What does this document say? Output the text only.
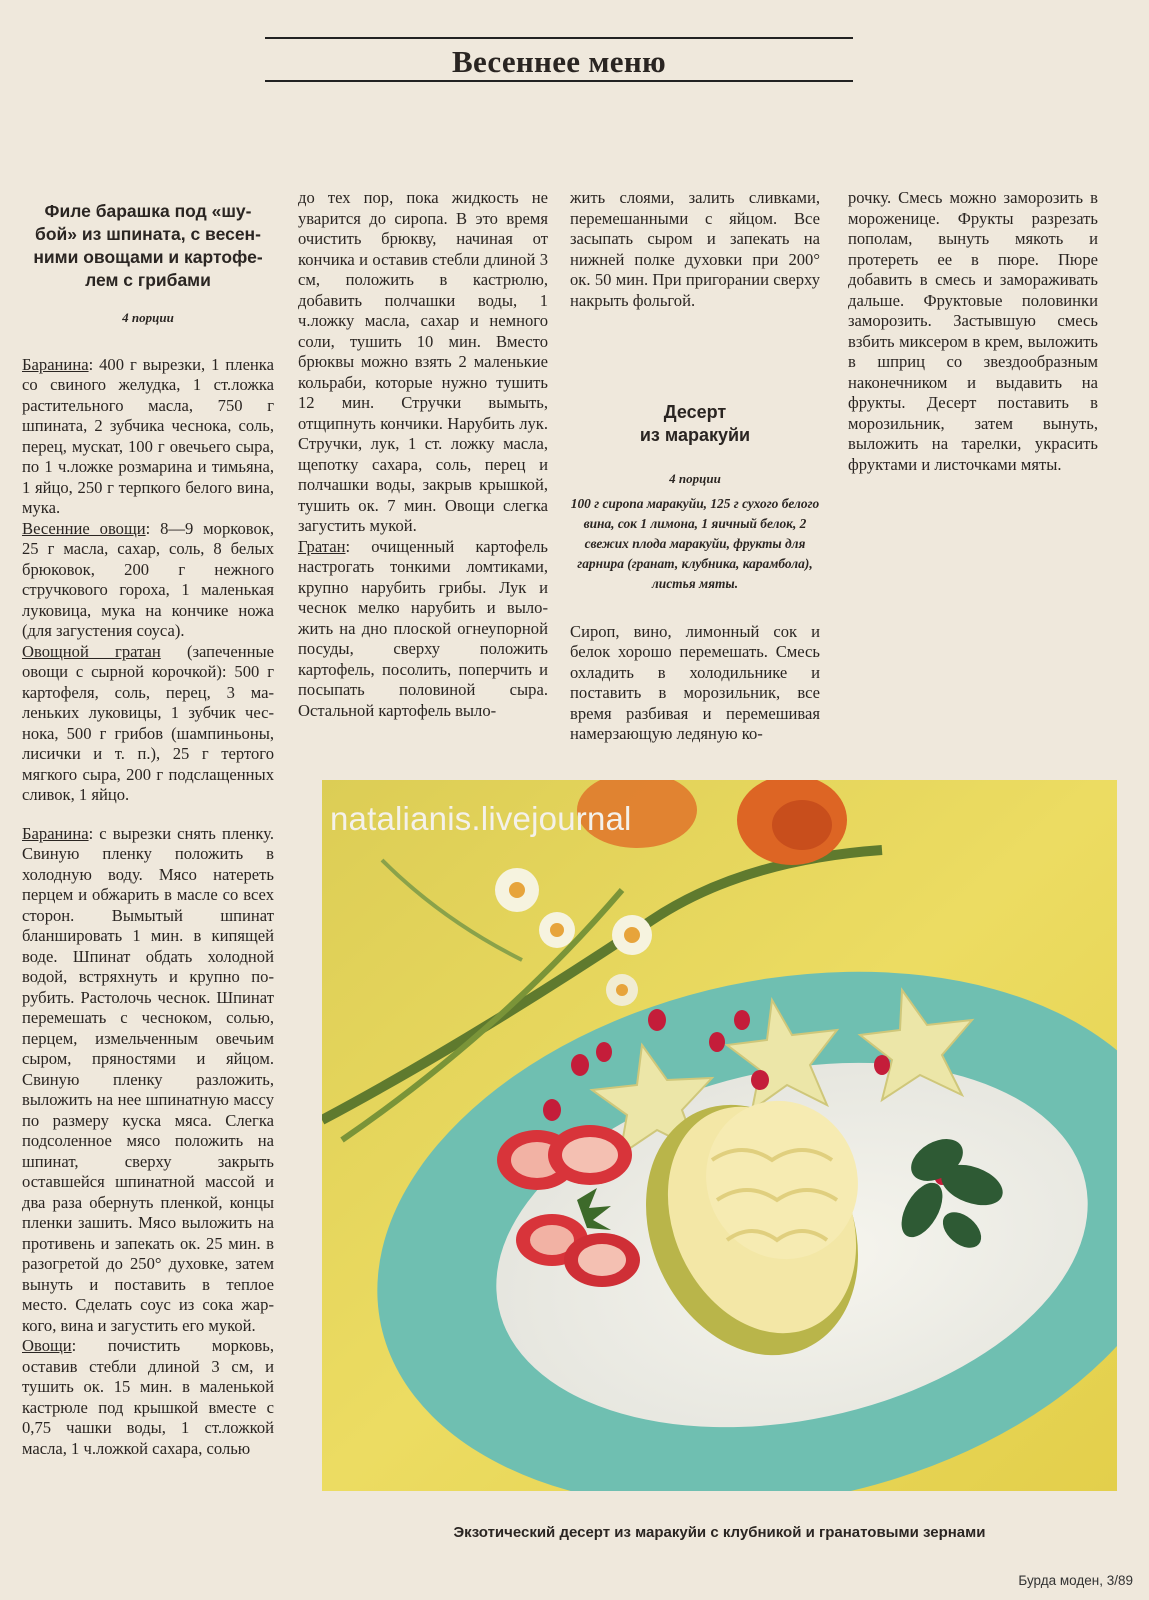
Весеннее меню
Филе барашка под «шу-
бой» из шпината, с весен-
ними овощами и картофе-
лем с грибами
4 порции

Баранина: 400 г вырезки, 1 пленка со свиного желудка, 1 ст.ложка растительного масла, 750 г шпината, 2 зубчика чеснока, соль, перец, мускат, 100 г овечьего сыра, по 1 ч.ложке розмарина и тимьяна, 1 яйцо, 250 г терпкого белого вина, мука.

Весенние овощи: 8—9 морковок, 25 г масла, сахар, соль, 8 белых брюковок, 200 г нежного стручкового гороха, 1 маленькая луковица, мука на кончике ножа (для загустения соуса).

Овощной гратан (запеченные овощи с сырной корочкой): 500 г картофеля, соль, перец, 3 маленьких луковицы, 1 зубчик чеснока, 500 г грибов (шампиньоны, лисички и т. п.), 25 г тертого мягкого сыра, 200 г подслащенных сливок, 1 яйцо.

Баранина: с вырезки снять пленку. Свиную пленку положить в холодную воду. Мясо натереть перцем и обжарить в масле со всех сторон. Вымытый шпинат бланшировать 1 мин. в кипящей воде. Шпинат обдать холодной водой, встряхнуть и крупно порубить. Растолочь чеснок. Шпинат перемешать с чесноком, солью, перцем, измельченным овечьим сыром, пряностями и яйцом. Свиную пленку разложить, выложить на нее шпинатную массу по размеру куска мяса. Слегка подсоленное мясо положить на шпинат, сверху закрыть оставшейся шпинатной массой и два раза обернуть пленкой, концы пленки зашить. Мясо выложить на противень и запекать ок. 25 мин. в разогретой до 250° духовке, затем вынуть и поставить в теплое место. Сделать соус из сока жаркого, вина и загустить его мукой.

Овощи: почистить морковь, оставив стебли длиной 3 см, и тушить ок. 15 мин. в маленькой кастрюле под крышкой вместе с 0,75 чашки воды, 1 ст.ложкой масла, 1 ч.ложкой сахара, солью

до тех пор, пока жидкость не уварится до сиропа. В это время очистить брюкву, начиная от кончика и оставив стебли длиной 3 см, положить в кастрюлю, добавить полчашки воды, 1 ч.ложку масла, сахар и немного соли, тушить 10 мин. Вместо брюквы можно взять 2 маленькие кольраби, которые нужно тушить 12 мин. Стручки вымыть, отщипнуть кончики. Нарубить лук. Стручки, лук, 1 ст. ложку масла, щепотку сахара, соль, перец и полчашки воды, закрыв крышкой, тушить ок. 7 мин. Овощи слегка загустить мукой.

Гратан: очищенный картофель настрогать тонкими ломтиками, крупно нарубить грибы. Лук и чеснок мелко нарубить и выложить на дно плоской огнеупорной посуды, сверху положить картофель, посолить, поперчить и посыпать половиной сыра. Остальной картофель выло-

жить слоями, залить сливками, перемешанными с яйцом. Все засыпать сыром и запекать на нижней полке духовки при 200° ок. 50 мин. При пригорании сверху накрыть фольгой.

Десерт
из маракуйи
4 порции
100 г сиропа маракуйи, 125 г сухого белого вина, сок 1 лимона, 1 яичный белок, 2 свежих плода маракуйи, фрукты для гарнира (гранат, клубника, карамбола), листья мяты.

Сироп, вино, лимонный сок и белок хорошо перемешать. Смесь охладить в холодильнике и поставить в морозильник, все время разбивая и перемешивая намерзающую ледяную ко-

рочку. Смесь можно заморозить в мороженице. Фрукты разрезать пополам, вынуть мякоть и протереть ее в пюре. Пюре добавить в смесь и замораживать дальше. Фруктовые половинки заморозить. Застывшую смесь взбить миксером в крем, выложить в шприц со звездообразным наконечником и выдавить на фрукты. Десерт поставить в морозильник, затем вынуть, выложить на тарелки, украсить фруктами и листочками мяты.

natalianis.livejournal
Экзотический десерт из маракуйи с клубникой и гранатовыми зернами
Бурда моден, 3/89
